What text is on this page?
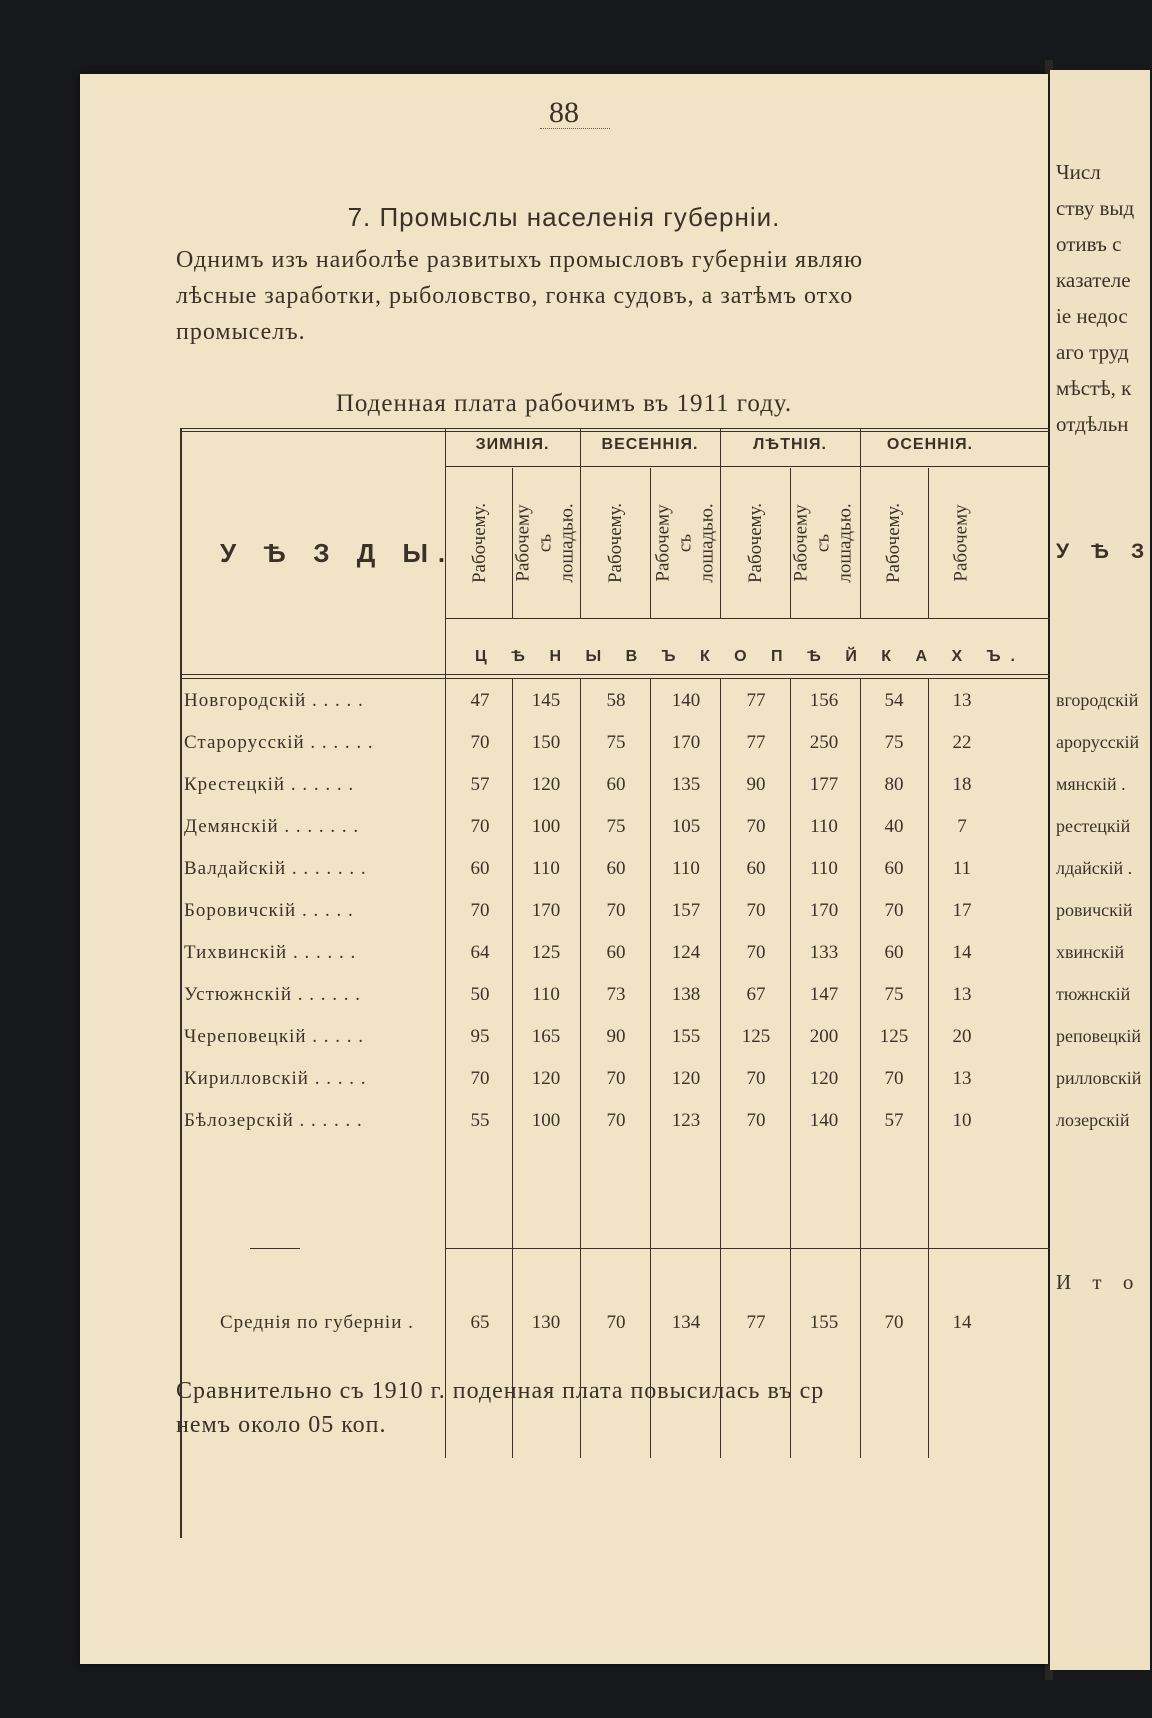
88
7. Промыслы населенія губерніи.
Однимъ изъ наиболѣе развитыхъ промысловъ губерніи являю
лѣсные заработки, рыболовство, гонка судовъ, а затѣмъ отхо
промыселъ.
Поденная плата рабочимъ въ 1911 году.
У Ѣ З Д Ы.
ЗИМНІЯ.	ВЕСЕННІЯ.	ЛѢТНІЯ.	ОСЕННІЯ.
Рабочему. Рабочему съ лошадью. Рабочему. Рабочему съ лошадью. Рабочему. Рабочему съ лошадью. Рабочему. Рабочему
Ц Ѣ Н Ы В Ъ К О П Ѣ Й К А Х Ъ.
Новгородскій . . . . .	47	145	58	140	77	156	54	13
Старорусскій . . . . . .	70	150	75	170	77	250	75	22
Крестецкій . . . . . .	57	120	60	135	90	177	80	18
Демянскій . . . . . . .	70	100	75	105	70	110	40	7
Валдайскій . . . . . . .	60	110	60	110	60	110	60	11
Боровичскій . . . . .	70	170	70	157	70	170	70	17
Тихвинскій . . . . . .	64	125	60	124	70	133	60	14
Устюжнскій . . . . . .	50	110	73	138	67	147	75	13
Череповецкій . . . . .	95	165	90	155	125	200	125	20
Кирилловскій . . . . .	70	120	70	120	70	120	70	13
Бѣлозерскій . . . . . .	55	100	70	123	70	140	57	10
Среднія по губерніи .	65	130	70	134	77	155	70	14
Сравнительно съ 1910 г. поденная плата повысилась въ ср
немъ около 05 коп.
Числ
ству выд
отивъ с
казателе
іе недос
аго труд
мѣстѣ, к
отдѣльн
У Ѣ З
вгородскій
арорусскій
мянскій .
рестецкій
лдайскій .
ровичскій
хвинскій
тюжнскій
реповецкій
рилловскій
лозерскій
И т о
